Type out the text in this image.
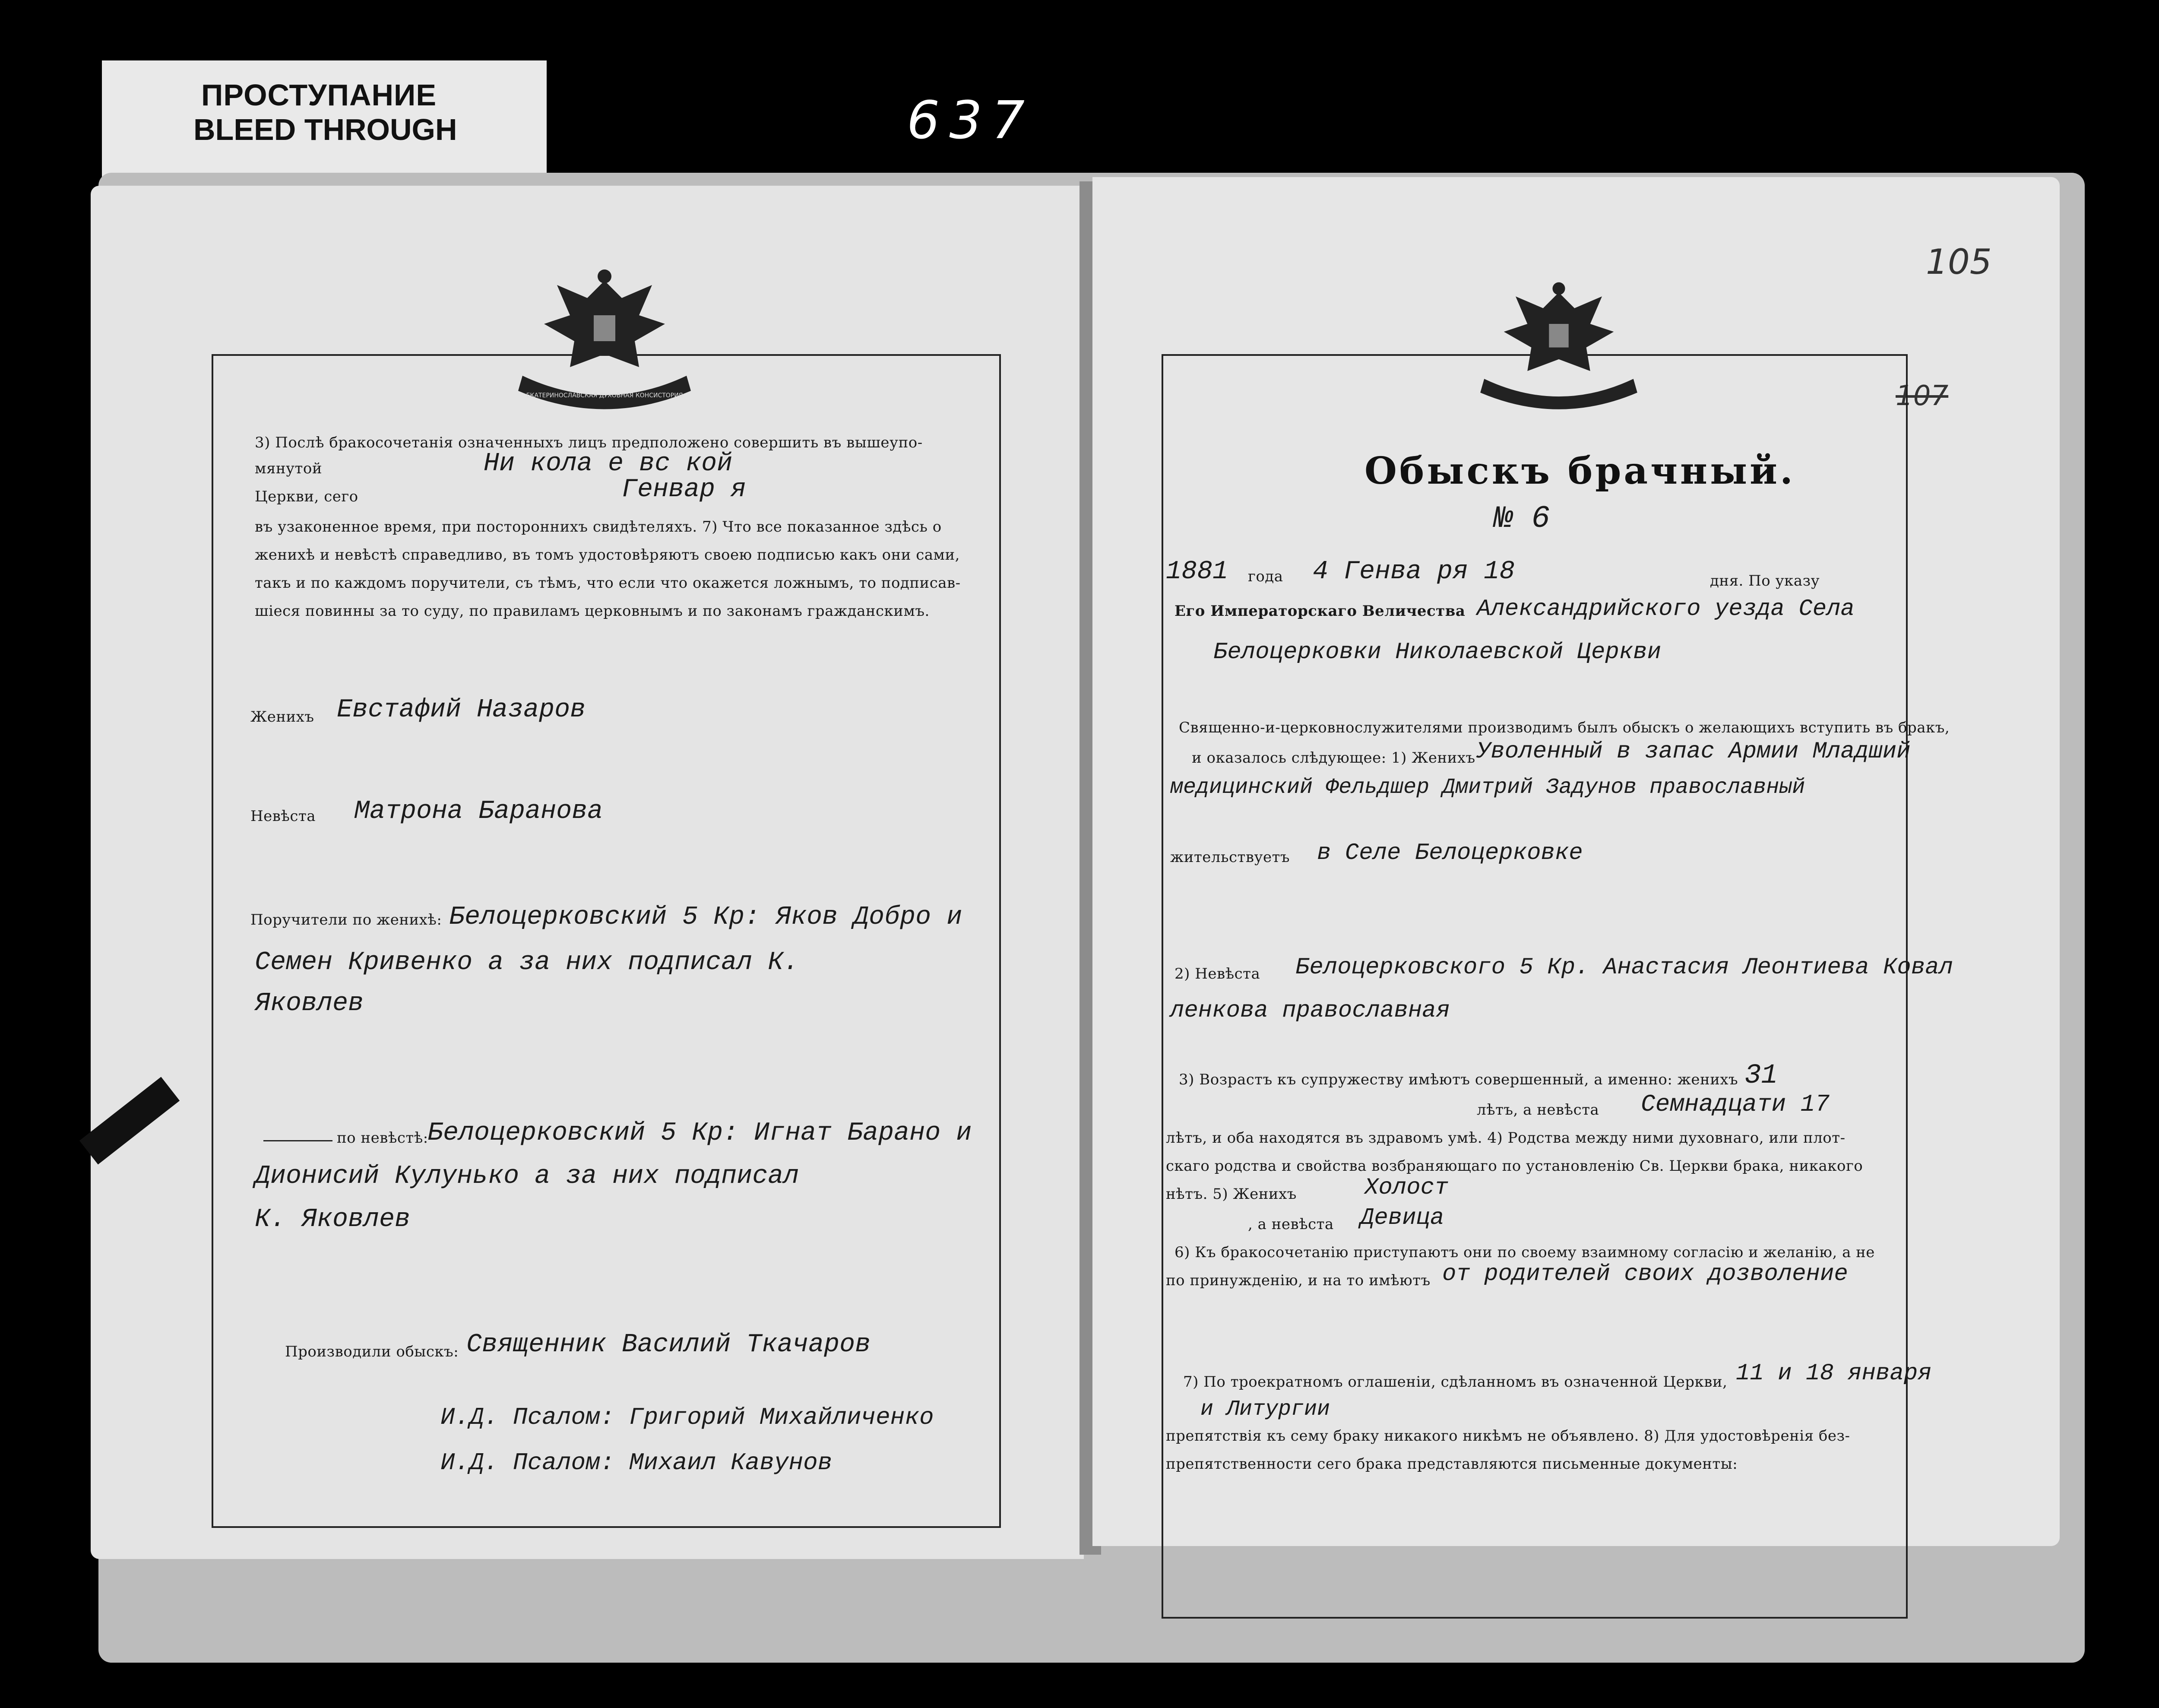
ПРОСТУПАНИЕ
BLEED THROUGH	637
ЕКАТЕРИНОСЛАВСКАЯ ДУХОВНАЯ КОНСИСТОРИЯ
3) Послѣ бракосочетанія означенныхъ лицъ предположено совершить въ вышеупо-
мянутой	Ни кола е вс кой
Церкви, сего	Генвар я
въ узаконенное время, при постороннихъ свидѣтеляхъ. 7) Что все показанное здѣсь о
женихѣ и невѣстѣ справедливо, въ томъ удостовѣряютъ своею подписью какъ они сами,
такъ и по каждомъ поручители, съ тѣмъ, что если что окажется ложнымъ, то подписав-
шіеся повинны за то суду, по правиламъ церковнымъ и по законамъ гражданскимъ.
Женихъ Евстафий Назаров
Невѣста Матрона Баранова
Поручители по женихѣ: Белоцерковский 5 Кр: Яков Добро и
Семен Кривенко а за них подписал К.
Яковлев
по невѣстѣ:
Белоцерковский 5 Кр: Игнат Барано и
Дионисий Кулунько а за них подписал
К. Яковлев
Производили обыскъ: Священник Василий Ткачаров
И.Д. Псалом: Григорий Михайличенко
И.Д. Псалом: Михаил Кавунов
105
107
Обыскъ брачный.
№ 6
1881 года 4 Генва ря 18	дня. По указу
Его Императорскаго Величества Александрийского уезда Села
Белоцерковки Николаевской Церкви
Священно-и-церковнослужителями производимъ былъ обыскъ о желающихъ вступить въ бракъ,
и оказалось слѣдующее: 1) Женихъ Уволенный в запас Армии Младший
медицинский Фельдшер Дмитрий Задунов православный
жительствуетъ в Селе Белоцерковке
2) Невѣста Белоцерковского 5 Кр. Анастасия Леонтиева Ковал
ленкова православная
3) Возрастъ къ супружеству имѣютъ совершенный, а именно: женихъ 31
лѣтъ, а невѣста Семнадцати 17
лѣтъ, и оба находятся въ здравомъ умѣ. 4) Родства между ними духовнаго, или плот-
скаго родства и свойства возбраняющаго по установленію Св. Церкви брака, никакого
нѣтъ. 5) Женихъ	Холост
, а невѣста Девица
6) Къ бракосочетанію приступаютъ они по своему взаимному согласію и желанію, а не
по принужденію, и на то имѣютъ от родителей своих дозволение
7) По троекратномъ оглашеніи, сдѣланномъ въ означенной Церкви, 11 и 18 января
и Литургии
препятствія къ сему браку никакого никѣмъ не объявлено. 8) Для удостовѣренія без-
препятственности сего брака представляются письменные документы:
